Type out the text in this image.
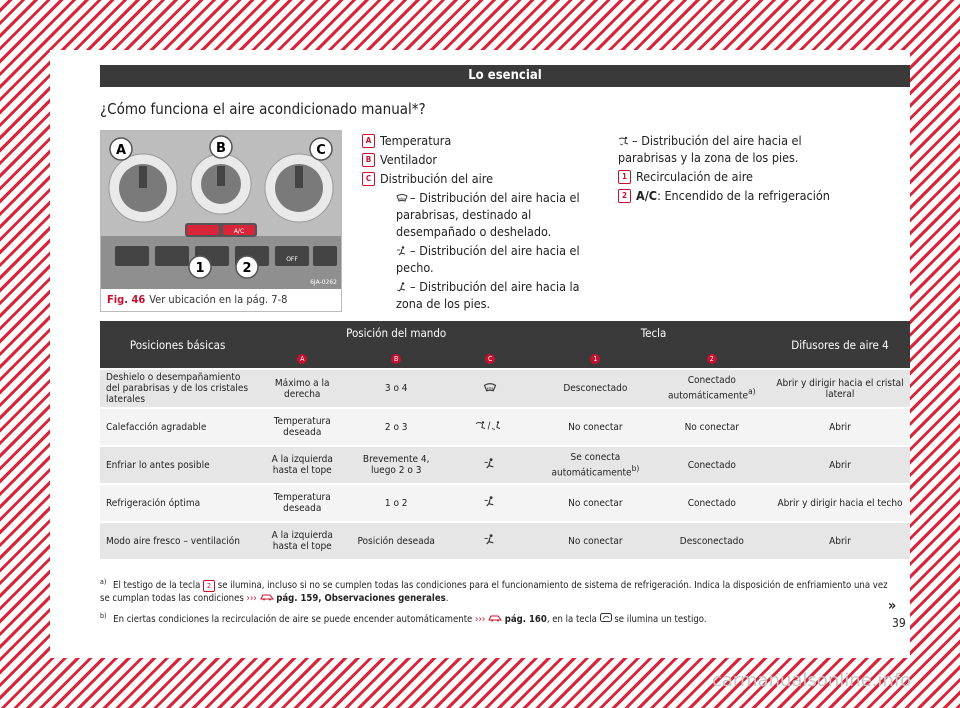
Lo esencial
¿Cómo funciona el aire acondicionado manual*?
A/C
OFF
A	B	C
1	2
6JA-0262
Fig. 46 Ver ubicación en la pág. 7-8
A Temperatura
B Ventilador
C Distribución del aire
– Distribución del aire hacia el parabrisas, destinado al desempañado o deshelado.
– Distribución del aire hacia el pecho.
– Distribución del aire hacia la zona de los pies.
– Distribución del aire hacia el parabrisas y la zona de los pies.
1 Recirculación de aire
2 A/C: Encendido de la refrigeración
Posiciones básicas	Posición del mando			Tecla		Difusores de aire 4
	A	B	C	1	2	
Deshielo o desempañamiento del parabrisas y de los cristales laterales	Máximo a la derecha	3 o 4		Desconectado	Conectado automáticamente$^{a)}$	Abrir y dirigir hacia el cristal lateral
Calefacción agradable	Temperatura deseada	2 o 3		No conectar	No conectar	Abrir
Enfriar lo antes posible	A la izquierda hasta el tope	Brevemente 4, luego 2 o 3		Se conecta automáticamente$^{b)}$	Conectado	Abrir
Refrigeración óptima	Temperatura deseada	1 o 2		No conectar	Conectado	Abrir y dirigir hacia el techo
Modo aire fresco – ventilación	A la izquierda hasta el tope	Posición deseada		No conectar	Desconectado	Abrir
$^{a)}$ El testigo de la tecla 2 se ilumina, incluso si no se cumplen todas las condiciones para el funcionamiento de sistema de refrigeración. Indica la disposición de enfriamiento una vez se cumplan todas las condiciones ››› pág. 159, Observaciones generales.
$^{b)}$ En ciertas condiciones la recirculación de aire se puede encender automáticamente ››› pág. 160, en la tecla se ilumina un testigo.
»
39
carmanualsonline.info
